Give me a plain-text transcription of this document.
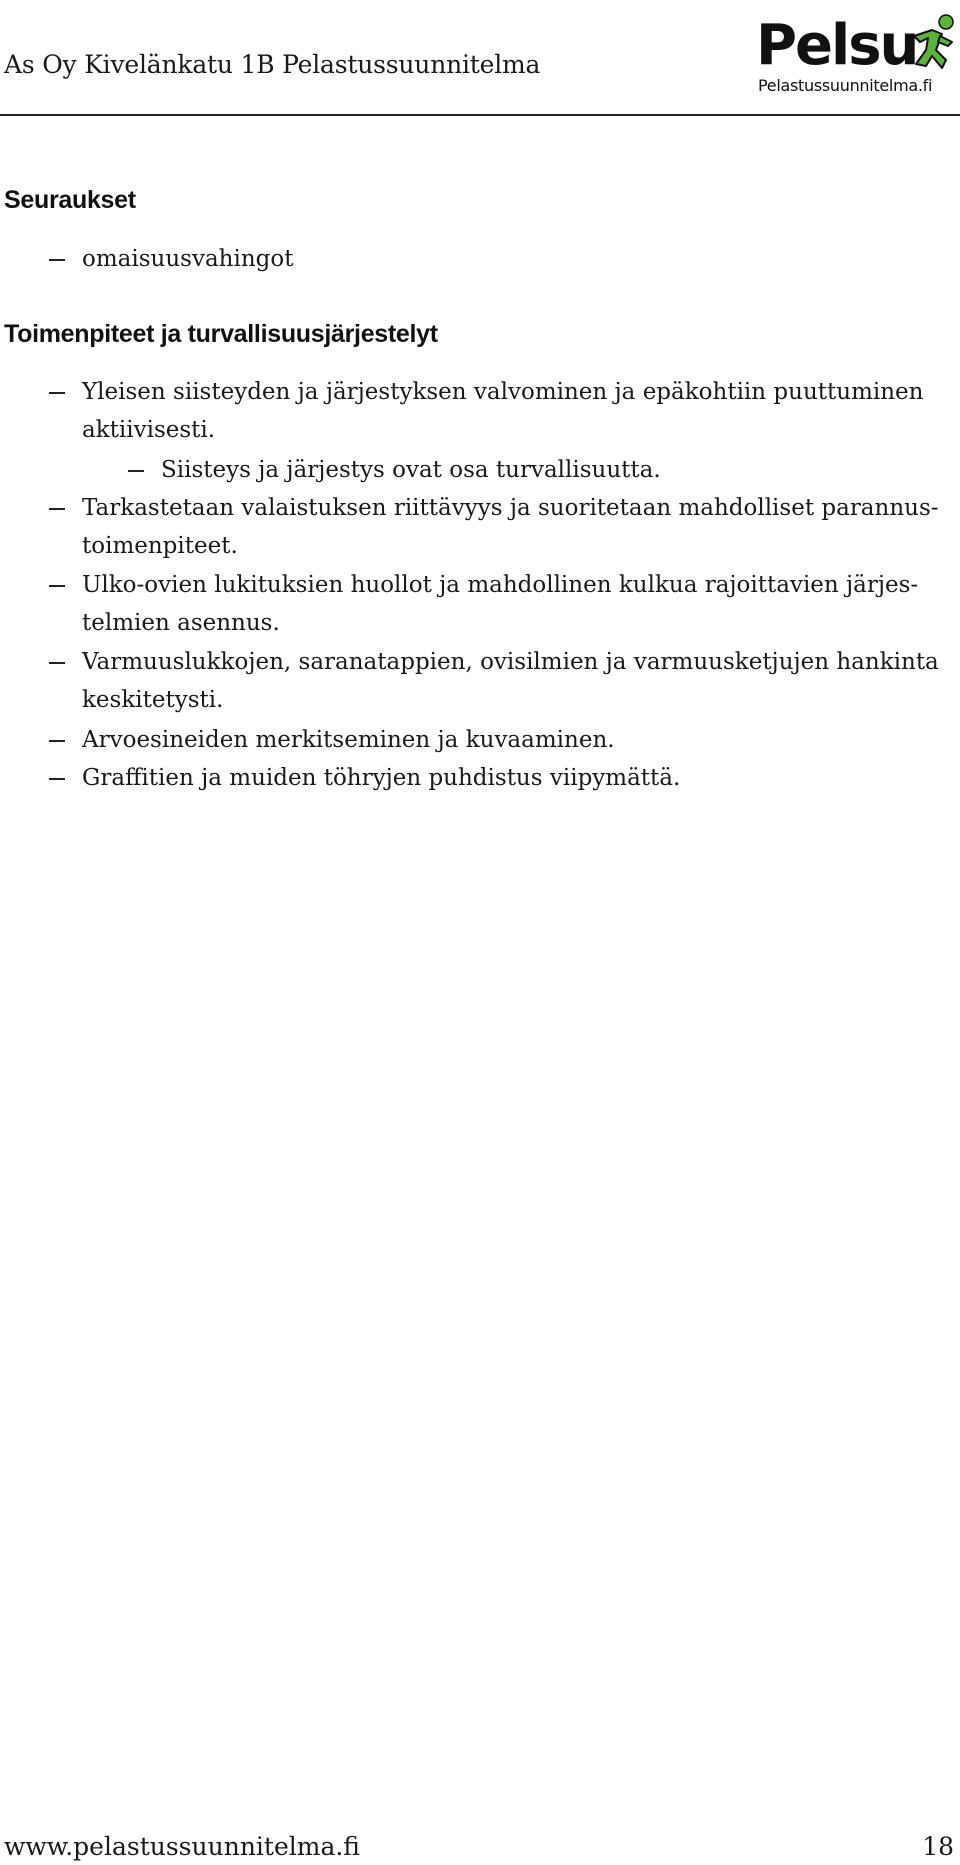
As Oy Kivelänkatu 1B Pelastussuunnitelma	Pelsu
Pelastussuunnitelma.fi
Seuraukset
omaisuusvahingot
Toimenpiteet ja turvallisuusjärjestelyt
Yleisen siisteyden ja järjestyksen valvominen ja epäkohtiin puuttuminen
aktiivisesti.
Siisteys ja järjestys ovat osa turvallisuutta.
Tarkastetaan valaistuksen riittävyys ja suoritetaan mahdolliset parannus-
toimenpiteet.
Ulko-ovien lukituksien huollot ja mahdollinen kulkua rajoittavien järjes-
telmien asennus.
Varmuuslukkojen, saranatappien, ovisilmien ja varmuusketjujen hankinta
keskitetysti.
Arvoesineiden merkitseminen ja kuvaaminen.
Graffitien ja muiden töhryjen puhdistus viipymättä.
www.pelastussuunnitelma.fi	18
